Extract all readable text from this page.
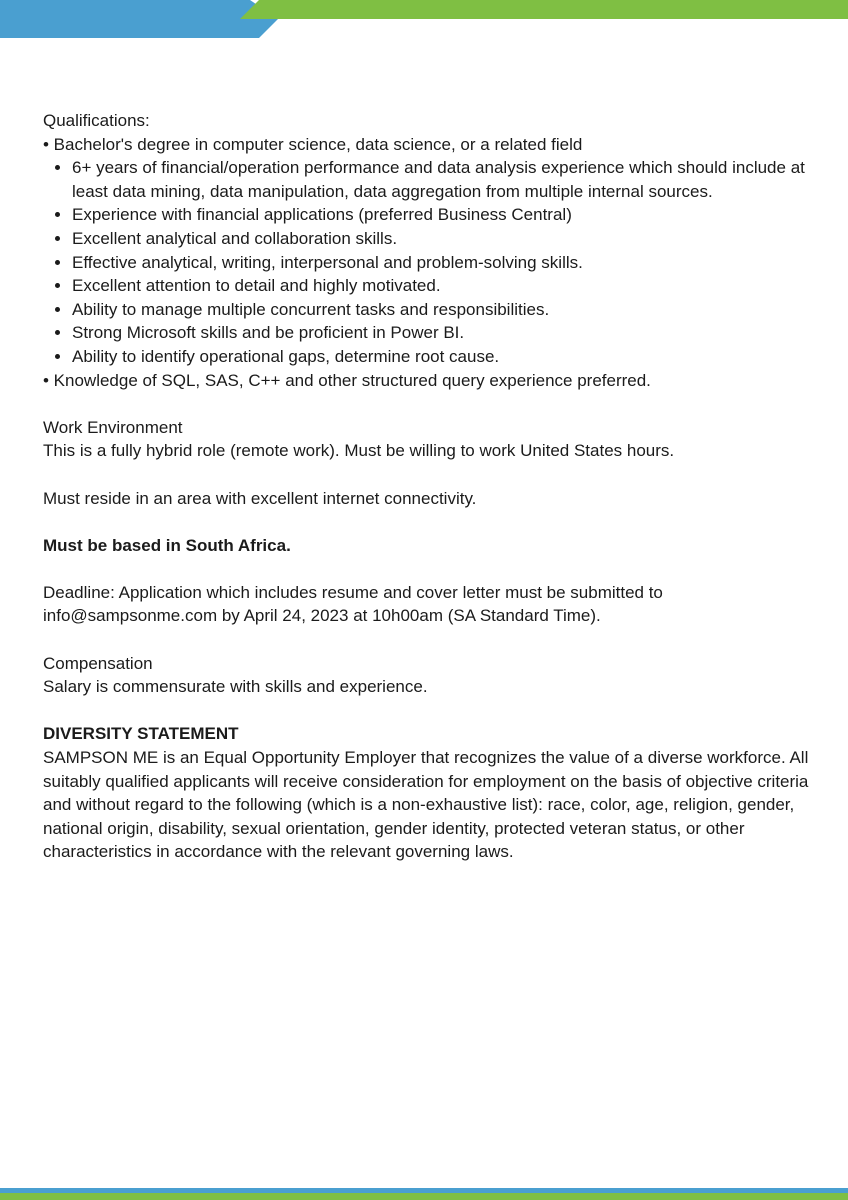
Qualifications:

• Bachelor's degree in computer science, data science, or a related field

• 6+ years of financial/operation performance and data analysis experience which should include at least data mining, data manipulation, data aggregation from multiple internal sources.
• Experience with financial applications (preferred Business Central)
• Excellent analytical and collaboration skills.
• Effective analytical, writing, interpersonal and problem-solving skills.
• Excellent attention to detail and highly motivated.
• Ability to manage multiple concurrent tasks and responsibilities.
• Strong Microsoft skills and be proficient in Power BI.
• Ability to identify operational gaps, determine root cause.

• Knowledge of SQL, SAS, C++ and other structured query experience preferred.

Work Environment

This is a fully hybrid role (remote work). Must be willing to work United States hours.

Must reside in an area with excellent internet connectivity.

Must be based in South Africa.

Deadline: Application which includes resume and cover letter must be submitted to info@sampsonme.com by April 24, 2023 at 10h00am (SA Standard Time).

Compensation

Salary is commensurate with skills and experience.

DIVERSITY STATEMENT

SAMPSON ME is an Equal Opportunity Employer that recognizes the value of a diverse workforce. All suitably qualified applicants will receive consideration for employment on the basis of objective criteria and without regard to the following (which is a non-exhaustive list): race, color, age, religion, gender, national origin, disability, sexual orientation, gender identity, protected veteran status, or other characteristics in accordance with the relevant governing laws.
